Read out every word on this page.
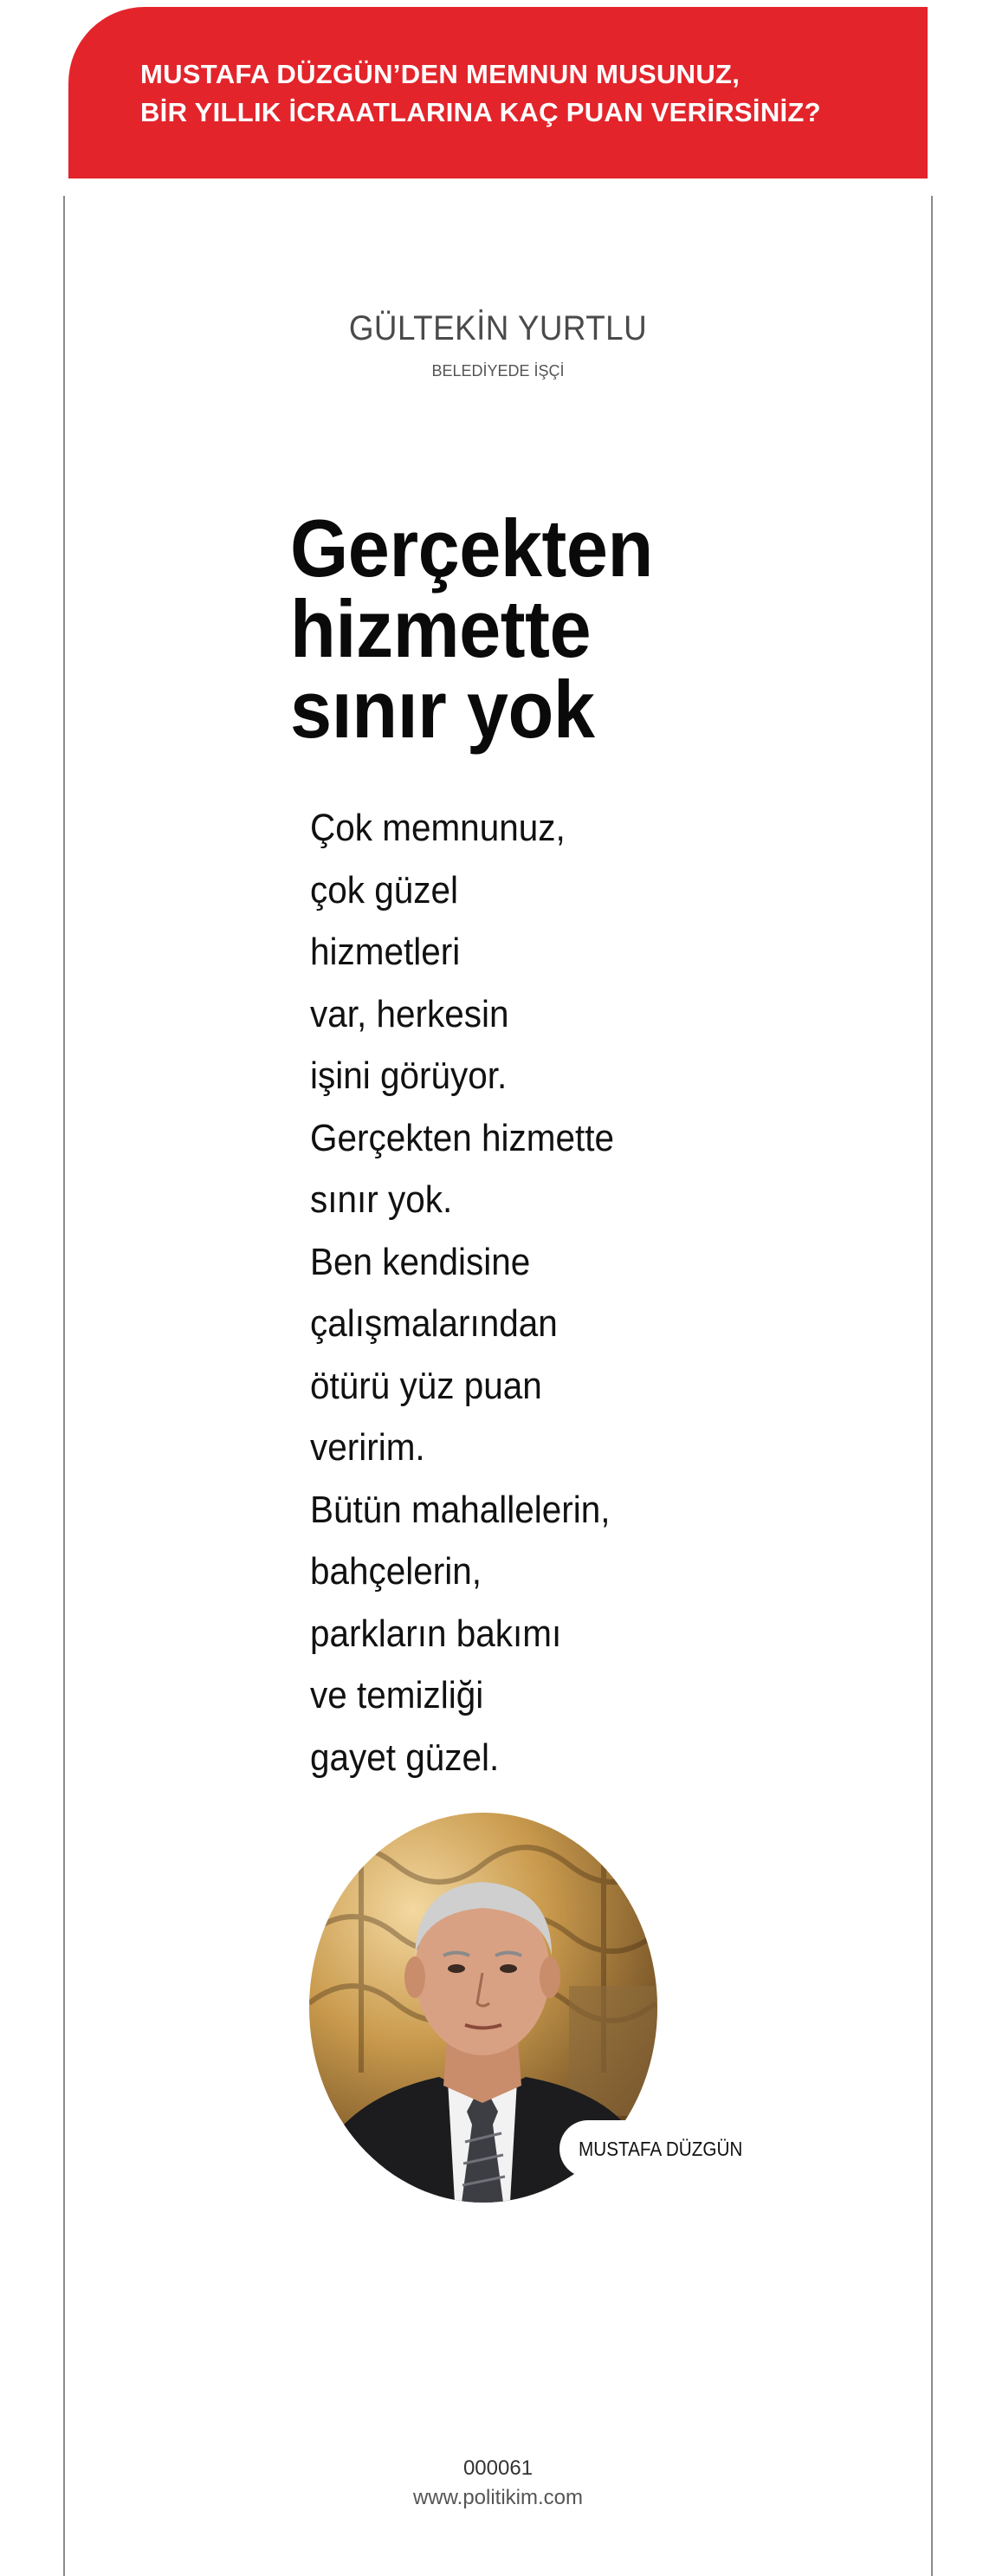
MUSTAFA DÜZGÜN’DEN MEMNUN MUSUNUZ,
BİR YILLIK İCRAATLARINA KAÇ PUAN VERİRSİNİZ?
GÜLTEKİN YURTLU
BELEDİYEDE İŞÇİ
Gerçekten
hizmette
sınır yok
Çok memnunuz,
çok güzel
hizmetleri
var, herkesin
işini görüyor.
Gerçekten hizmette
sınır yok.
Ben kendisine
çalışmalarından
ötürü yüz puan
veririm.
Bütün mahallelerin,
bahçelerin,
parkların bakımı
ve temizliği
gayet güzel.
MUSTAFA DÜZGÜN
000061
www.politikim.com
